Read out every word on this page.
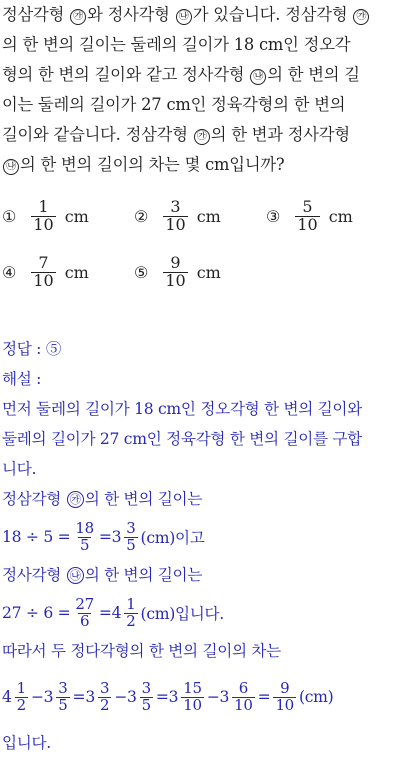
정삼각형 ㉮ 와 정사각형 ㉯ 가 있습니다. 정삼각형 ㉮
의 한 변의 길이는 둘레의 길이가 18 cm인 정오각
형의 한 변의 길이와 같고 정사각형 ㉯ 의 한 변의 길
이는 둘레의 길이가 27 cm인 정육각형의 한 변의
길이와 같습니다. 정삼각형 ㉮ 의 한 변과 정사각형
㉯ 의 한 변의 길이의 차는 몇 cm입니까?
① $\frac{1}{10}$ cm	② $\frac{3}{10}$ cm	③ $\frac{5}{10}$ cm
④ $\frac{7}{10}$ cm	⑤ $\frac{9}{10}$ cm
정답 : ⑤
해설 :
먼저 둘레의 길이가 18 cm인 정오각형 한 변의 길이와
둘레의 길이가 27 cm인 정육각형 한 변의 길이를 구합
니다.
정삼각형 ㉮ 의 한 변의 길이는
$18 \div 5 = \frac{18}{5} = 3 \frac{3}{5} (cm)$이고
정사각형 ㉯ 의 한 변의 길이는
$27 \div 6 = \frac{27}{6} = 4 \frac{1}{2} (cm)$입니다.
따라서 두 정다각형의 한 변의 길이의 차는
$4 \frac{1}{2} - 3 \frac{3}{5} = 3 \frac{3}{2} - 3 \frac{3}{5} = 3 \frac{15}{10} - 3 \frac{6}{10} = \frac{9}{10} (cm)$
입니다.
